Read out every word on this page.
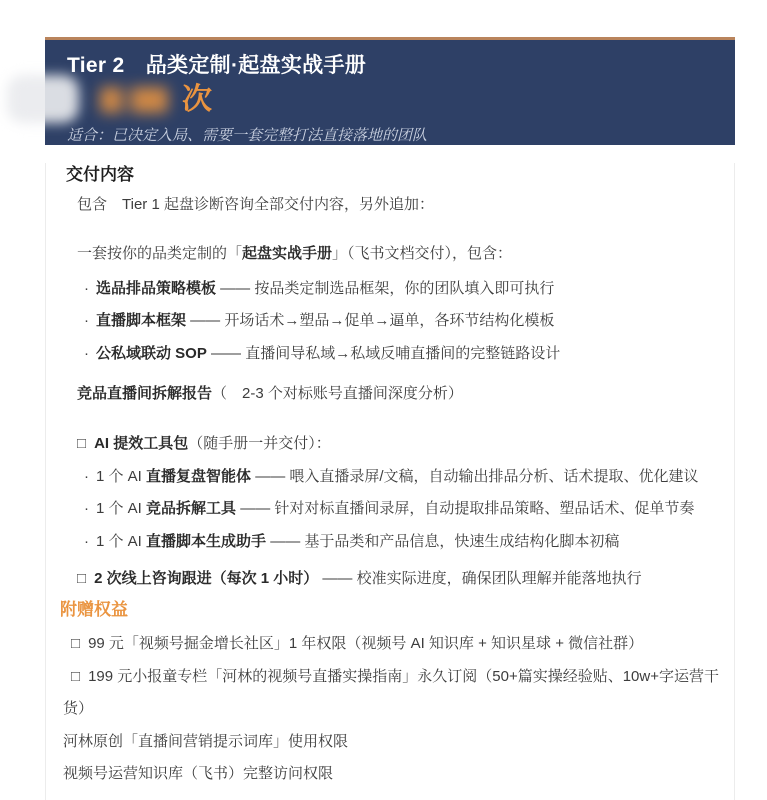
Tier 2　品类定制·起盘实战手册
次
适合：已决定入局、需要一套完整打法直接落地的团队
交付内容

包含　Tier 1 起盘诊断咨询全部交付内容，另外追加：

一套按你的品类定制的「起盘实战手册」（飞书文档交付），包含：

· 选品排品策略模板 —— 按品类定制选品框架，你的团队填入即可执行

· 直播脚本框架 —— 开场话术→塑品→促单→逼单，各环节结构化模板

· 公私域联动 SOP —— 直播间导私域→私域反哺直播间的完整链路设计

竞品直播间拆解报告（　2-3 个对标账号直播间深度分析）

□ AI 提效工具包（随手册一并交付）：

· 1 个 AI 直播复盘智能体 —— 喂入直播录屏/文稿，自动输出排品分析、话术提取、优化建议

· 1 个 AI 竞品拆解工具 —— 针对对标直播间录屏，自动提取排品策略、塑品话术、促单节奏

· 1 个 AI 直播脚本生成助手 —— 基于品类和产品信息，快速生成结构化脚本初稿

□ 2 次线上咨询跟进（每次 1 小时） —— 校准实际进度，确保团队理解并能落地执行

附赠权益

□ 99 元「视频号掘金增长社区」1 年权限（视频号 AI 知识库 + 知识星球 + 微信社群）

□ 199 元小报童专栏「河林的视频号直播实操指南」永久订阅（50+篇实操经验贴、10w+字运营干货）

河林原创「直播间营销提示词库」使用权限

视频号运营知识库（飞书）完整访问权限
